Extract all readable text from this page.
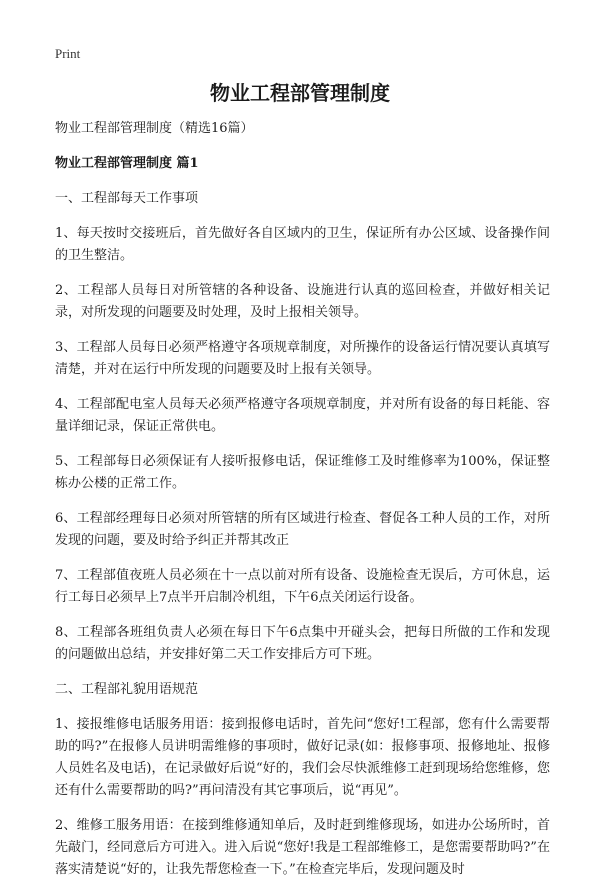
Print
物业工程部管理制度

物业工程部管理制度（精选16篇）

物业工程部管理制度 篇1

一、工程部每天工作事项

1、每天按时交接班后，首先做好各自区域内的卫生，保证所有办公区域、设备操作间的卫生整洁。

2、工程部人员每日对所管辖的各种设备、设施进行认真的巡回检查，并做好相关记录，对所发现的问题要及时处理，及时上报相关领导。

3、工程部人员每日必须严格遵守各项规章制度，对所操作的设备运行情况要认真填写清楚，并对在运行中所发现的问题要及时上报有关领导。

4、工程部配电室人员每天必须严格遵守各项规章制度，并对所有设备的每日耗能、容量详细记录，保证正常供电。

5、工程部每日必须保证有人接听报修电话，保证维修工及时维修率为100%，保证整栋办公楼的正常工作。

6、工程部经理每日必须对所管辖的所有区域进行检查、督促各工种人员的工作，对所发现的问题，要及时给予纠正并帮其改正

7、工程部值夜班人员必须在十一点以前对所有设备、设施检查无误后，方可休息，运行工每日必须早上7点半开启制冷机组，下午6点关闭运行设备。

8、工程部各班组负责人必须在每日下午6点集中开碰头会，把每日所做的工作和发现的问题做出总结，并安排好第二天工作安排后方可下班。

二、工程部礼貌用语规范

1、接报维修电话服务用语：接到报修电话时，首先问“您好!工程部，您有什么需要帮助的吗?”在报修人员讲明需维修的事项时，做好记录(如：报修事项、报修地址、报修人员姓名及电话)，在记录做好后说“好的，我们会尽快派维修工赶到现场给您维修，您还有什么需要帮助的吗?”再问清没有其它事项后，说“再见”。

2、维修工服务用语：在接到维修通知单后，及时赶到维修现场，如进办公场所时，首先敲门，经同意后方可进入。进入后说“您好!我是工程部维修工，是您需要帮助吗?”在落实清楚说“好的，让我先帮您检查一下。”在检查完毕后，发现问题及时
